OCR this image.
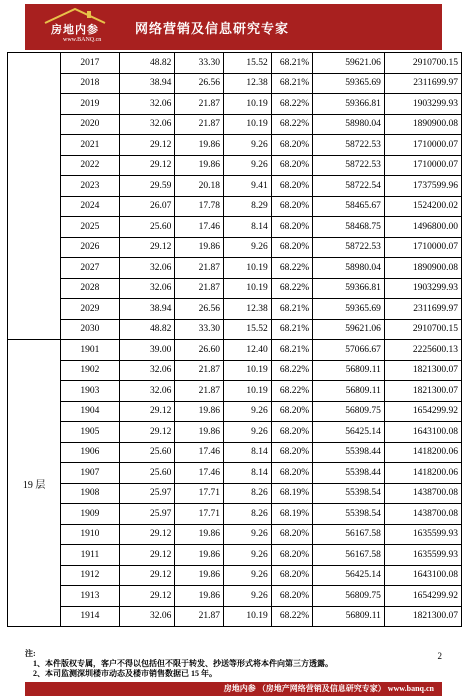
房地内参
www.BANQ.cn
网络营销及信息研究专家
	2017	48.82	33.30	15.52	68.21%	59621.06	2910700.15
	2018	38.94	26.56	12.38	68.21%	59365.69	2311699.97
	2019	32.06	21.87	10.19	68.22%	59366.81	1903299.93
	2020	32.06	21.87	10.19	68.22%	58980.04	1890900.08
	2021	29.12	19.86	9.26	68.20%	58722.53	1710000.07
	2022	29.12	19.86	9.26	68.20%	58722.53	1710000.07
	2023	29.59	20.18	9.41	68.20%	58722.54	1737599.96
	2024	26.07	17.78	8.29	68.20%	58465.67	1524200.02
	2025	25.60	17.46	8.14	68.20%	58468.75	1496800.00
	2026	29.12	19.86	9.26	68.20%	58722.53	1710000.07
	2027	32.06	21.87	10.19	68.22%	58980.04	1890900.08
	2028	32.06	21.87	10.19	68.22%	59366.81	1903299.93
	2029	38.94	26.56	12.38	68.21%	59365.69	2311699.97
	2030	48.82	33.30	15.52	68.21%	59621.06	2910700.15
19 层	1901	39.00	26.60	12.40	68.21%	57066.67	2225600.13
	1902	32.06	21.87	10.19	68.22%	56809.11	1821300.07
	1903	32.06	21.87	10.19	68.22%	56809.11	1821300.07
	1904	29.12	19.86	9.26	68.20%	56809.75	1654299.92
	1905	29.12	19.86	9.26	68.20%	56425.14	1643100.08
	1906	25.60	17.46	8.14	68.20%	55398.44	1418200.06
	1907	25.60	17.46	8.14	68.20%	55398.44	1418200.06
	1908	25.97	17.71	8.26	68.19%	55398.54	1438700.08
	1909	25.97	17.71	8.26	68.19%	55398.54	1438700.08
	1910	29.12	19.86	9.26	68.20%	56167.58	1635599.93
	1911	29.12	19.86	9.26	68.20%	56167.58	1635599.93
	1912	29.12	19.86	9.26	68.20%	56425.14	1643100.08
	1913	29.12	19.86	9.26	68.20%	56809.75	1654299.92
	1914	32.06	21.87	10.19	68.22%	56809.11	1821300.07
注:
1、本件版权专属，客户不得以包括但不限于转发、抄送等形式将本件向第三方透露。
2、本司监测深圳楼市动态及楼市销售数据已 15 年。
2
房地内参 （房地产网络营销及信息研究专家） www.banq.cn
